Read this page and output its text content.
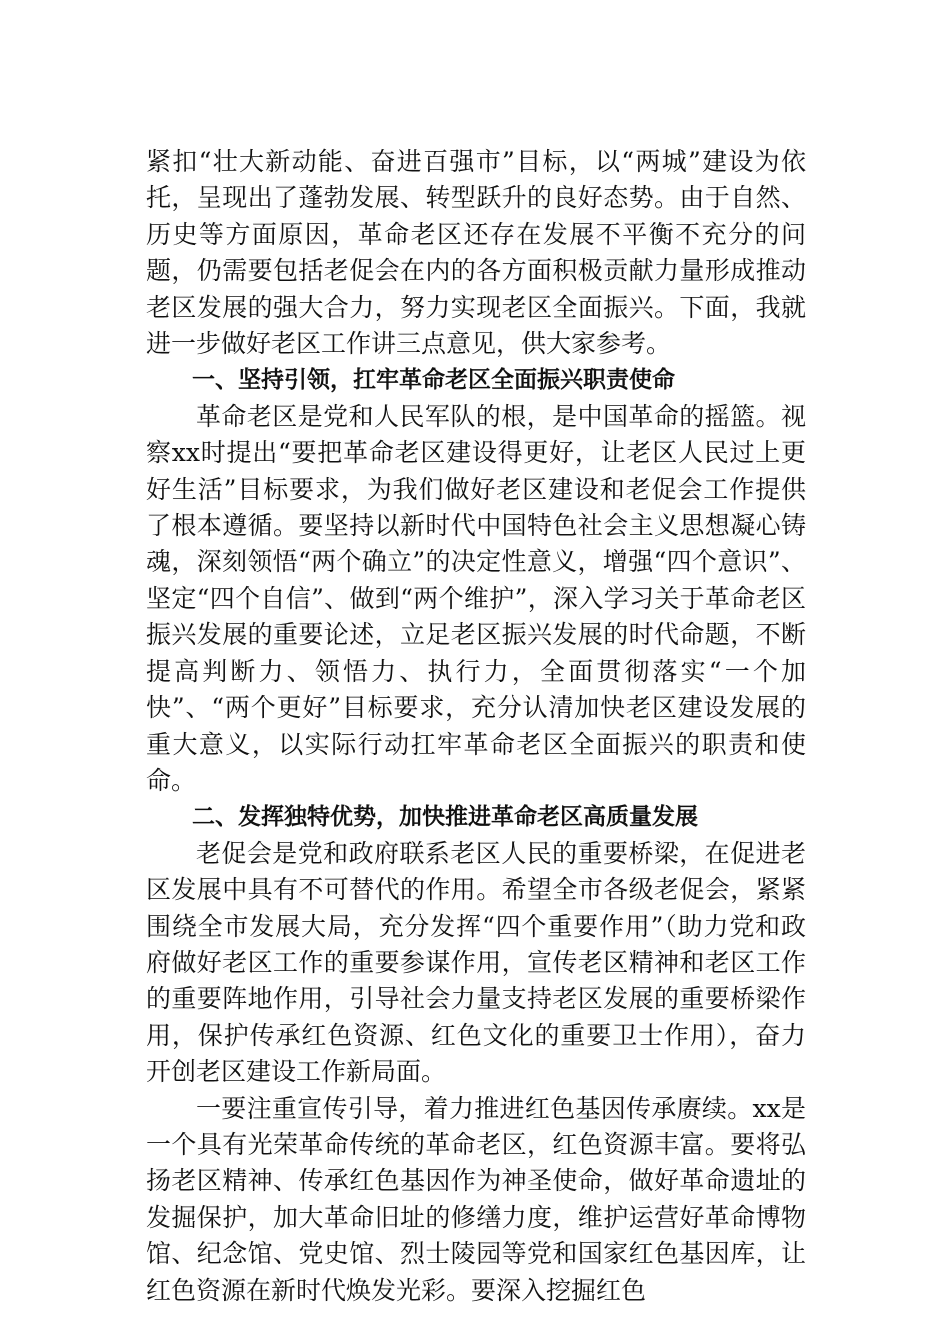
紧扣“壮大新动能、奋进百强市”目标，以“两城”建设为依托，呈现出了蓬勃发展、转型跃升的良好态势。由于自然、历史等方面原因，革命老区还存在发展不平衡不充分的问题，仍需要包括老促会在内的各方面积极贡献力量形成推动老区发展的强大合力，努力实现老区全面振兴。下面，我就进一步做好老区工作讲三点意见，供大家参考。

一、坚持引领，扛牢革命老区全面振兴职责使命

革命老区是党和人民军队的根，是中国革命的摇篮。视察xx时提出“要把革命老区建设得更好，让老区人民过上更好生活”目标要求，为我们做好老区建设和老促会工作提供了根本遵循。要坚持以新时代中国特色社会主义思想凝心铸魂，深刻领悟“两个确立”的决定性意义，增强“四个意识”、坚定“四个自信”、做到“两个维护”，深入学习关于革命老区振兴发展的重要论述，立足老区振兴发展的时代命题，不断提高判断力、领悟力、执行力，全面贯彻落实“一个加快”、“两个更好”目标要求，充分认清加快老区建设发展的重大意义，以实际行动扛牢革命老区全面振兴的职责和使命。

二、发挥独特优势，加快推进革命老区高质量发展

老促会是党和政府联系老区人民的重要桥梁，在促进老区发展中具有不可替代的作用。希望全市各级老促会，紧紧围绕全市发展大局，充分发挥“四个重要作用”（助力党和政府做好老区工作的重要参谋作用，宣传老区精神和老区工作的重要阵地作用，引导社会力量支持老区发展的重要桥梁作用，保护传承红色资源、红色文化的重要卫士作用），奋力开创老区建设工作新局面。

一要注重宣传引导，着力推进红色基因传承赓续。xx是一个具有光荣革命传统的革命老区，红色资源丰富。要将弘扬老区精神、传承红色基因作为神圣使命，做好革命遗址的发掘保护，加大革命旧址的修缮力度，维护运营好革命博物馆、纪念馆、党史馆、烈士陵园等党和国家红色基因库，让红色资源在新时代焕发光彩。要深入挖掘红色
